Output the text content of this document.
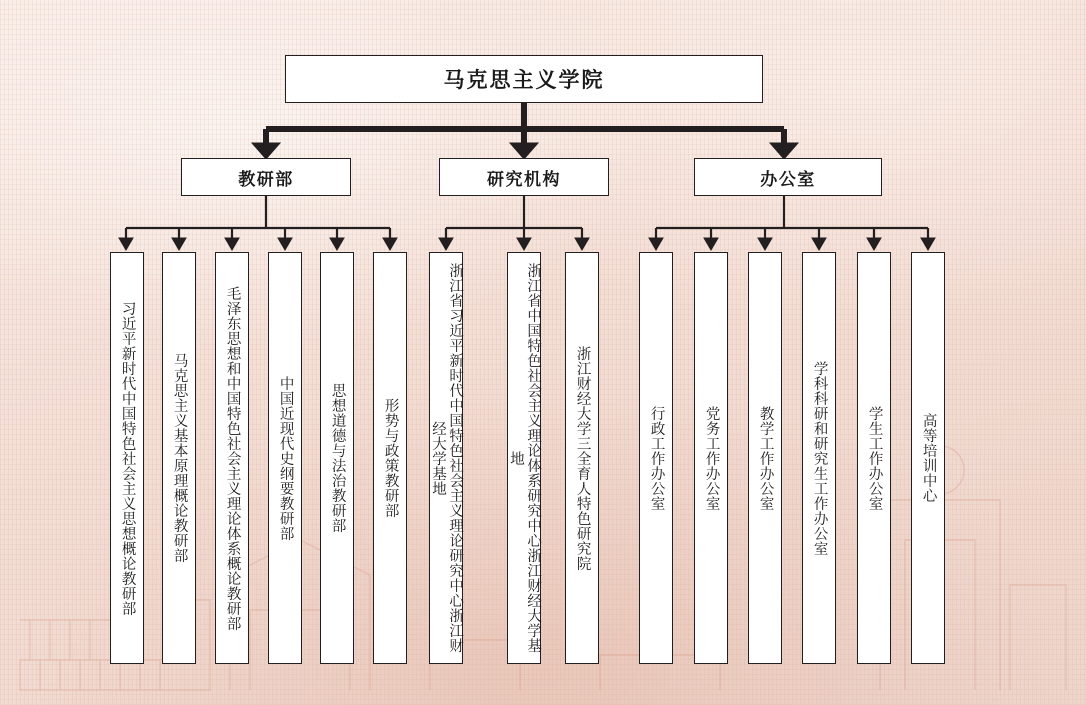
马克思主义学院
教研部	研究机构	办公室
习近平新时代中国特色社会主义思想概论教研部 马克思主义基本原理概论教研部	毛泽东思想和中国特色社会主义理论体系概论教研部	中国近现代史纲要教研部 思想道德与法治教研部	形势与政策教研部	浙江省习近平新时代中国特色社会主义理论研究中心浙江财经大学基地	浙江省中国特色社会主义理论体系研究中心浙江财经大学基地	浙江财经大学三全育人特色研究院	行政工作办公室	党务工作办公室	教学工作办公室	学科科研和研究生工作办公室	学生工作办公室	高等培训中心
